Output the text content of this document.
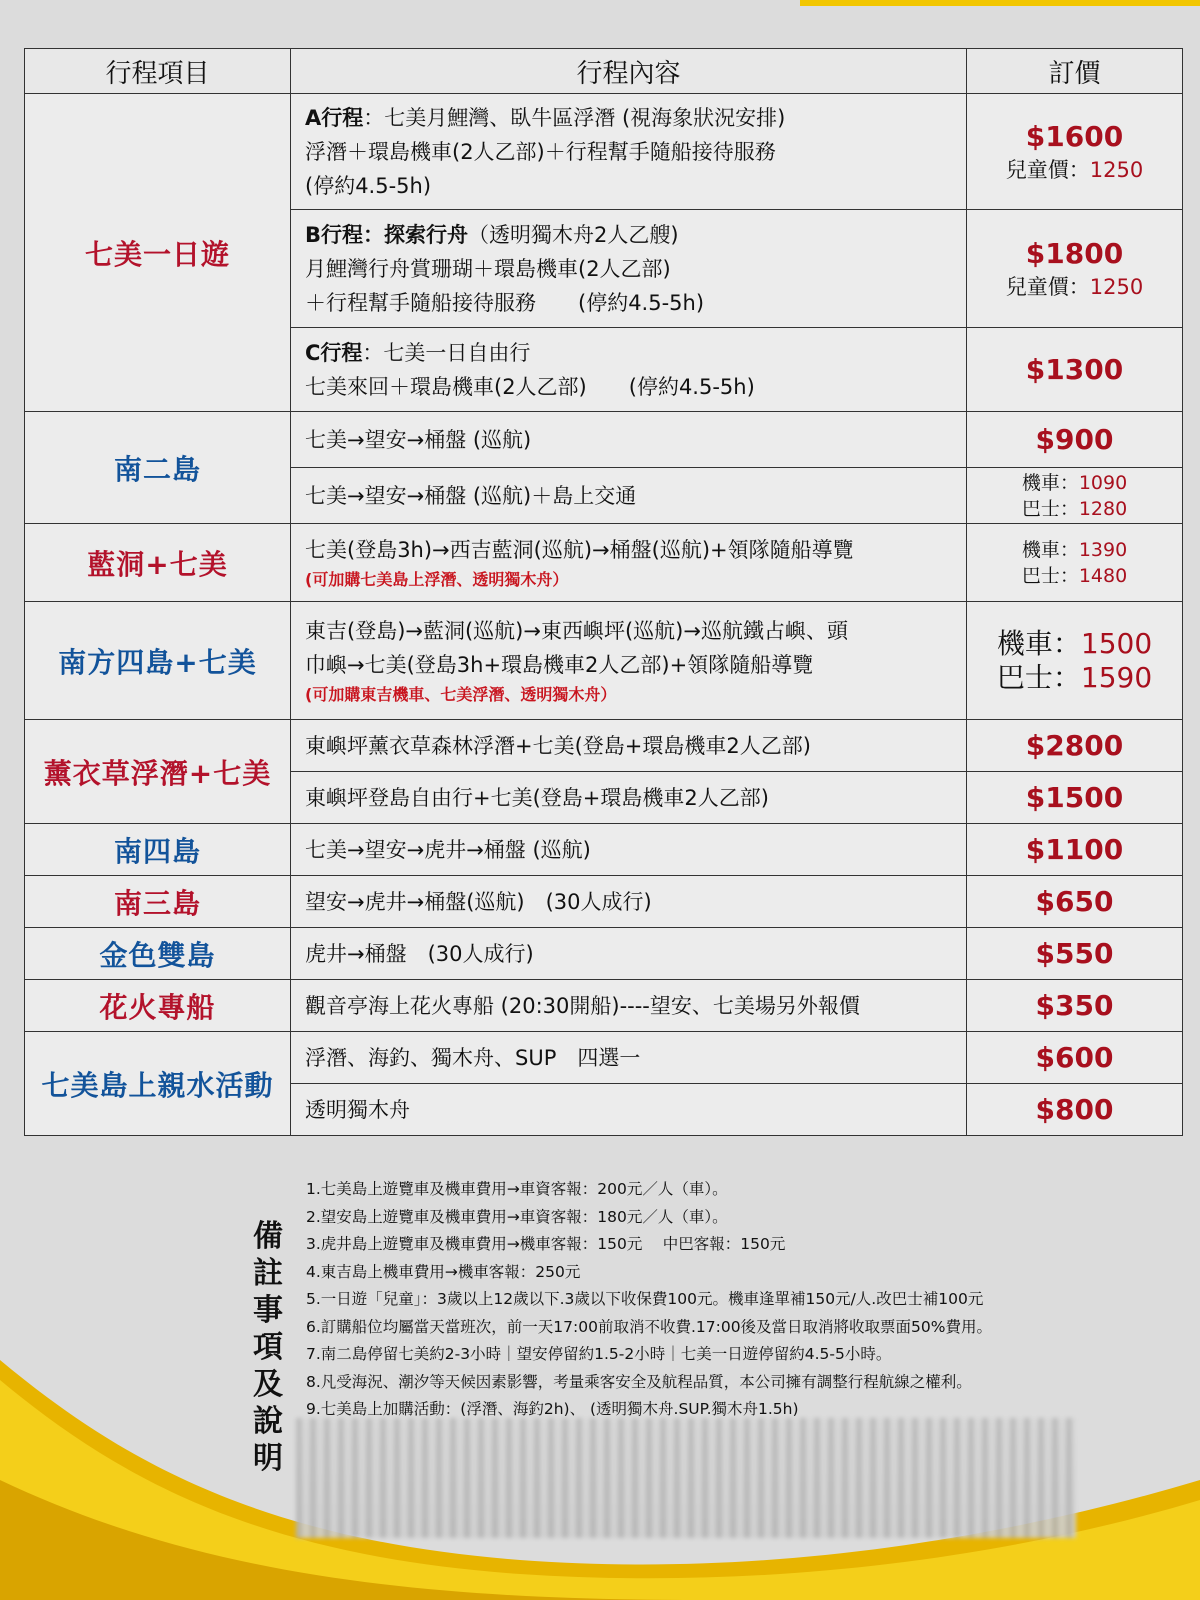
行程項目	行程內容	訂價
七美一日遊	A行程：七美月鯉灣、臥牛區浮潛 (視海象狀況安排)
浮潛＋環島機車(2人乙部)＋行程幫手隨船接待服務
(停約4.5-5h)	$1600
兒童價：1250

	B行程：探索行舟（透明獨木舟2人乙艘)
月鯉灣行舟賞珊瑚＋環島機車(2人乙部)
＋行程幫手隨船接待服務　　(停約4.5-5h)	$1800
兒童價：1250

	C行程：七美一日自由行
七美來回＋環島機車(2人乙部)　　(停約4.5-5h)	$1300

南二島	七美→望安→桶盤 (巡航)	$900

	七美→望安→桶盤 (巡航)＋島上交通	機車：1090
巴士：1280

藍洞+七美	七美(登島3h)→西吉藍洞(巡航)→桶盤(巡航)+領隊隨船導覽
(可加購七美島上浮潛、透明獨木舟）	機車：1390
巴士：1480

南方四島+七美	東吉(登島)→藍洞(巡航)→東西嶼坪(巡航)→巡航鐵占嶼、頭
巾嶼→七美(登島3h+環島機車2人乙部)+領隊隨船導覽
(可加購東吉機車、七美浮潛、透明獨木舟）	機車：1500
巴士：1590

薰衣草浮潛+七美	東嶼坪薰衣草森林浮潛+七美(登島+環島機車2人乙部)	$2800

	東嶼坪登島自由行+七美(登島+環島機車2人乙部)	$1500

南四島	七美→望安→虎井→桶盤 (巡航)	$1100

南三島	望安→虎井→桶盤(巡航)　(30人成行)	$650

金色雙島	虎井→桶盤　(30人成行)	$550

花火專船	觀音亭海上花火專船 (20:30開船)----望安、七美場另外報價	$350

七美島上親水活動	浮潛、海釣、獨木舟、SUP　四選一	$600

	透明獨木舟	$800
備
註
事
項
及
說
明
1.七美島上遊覽車及機車費用→車資客報：200元／人（車）。
2.望安島上遊覽車及機車費用→車資客報：180元／人（車）。
3.虎井島上遊覽車及機車費用→機車客報：150元　 中巴客報：150元
4.東吉島上機車費用→機車客報：250元
5.一日遊「兒童」：3歲以上12歲以下.3歲以下收保費100元。機車逢單補150元/人.改巴士補100元
6.訂購船位均屬當天當班次，前一天17:00前取消不收費.17:00後及當日取消將收取票面50%費用。
7.南二島停留七美約2-3小時｜望安停留約1.5-2小時｜七美一日遊停留約4.5-5小時。
8.凡受海況、潮汐等天候因素影響，考量乘客安全及航程品質，本公司擁有調整行程航線之權利。
9.七美島上加購活動：(浮潛、海釣2h)、 (透明獨木舟.SUP.獨木舟1.5h)
